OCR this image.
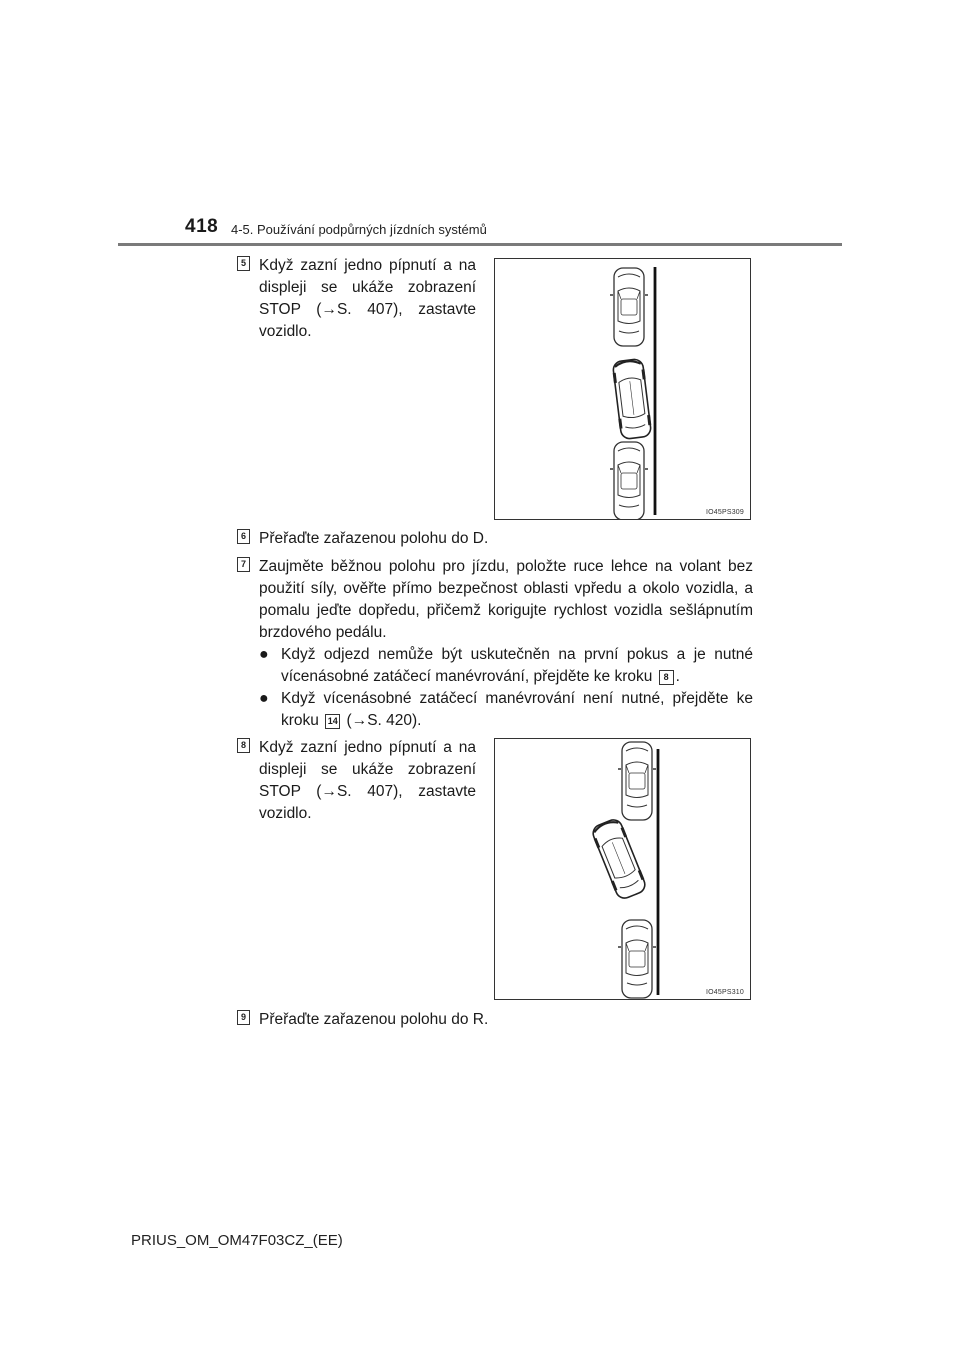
418 4-5. Používání podpůrných jízdních systémů
5 Když zazní jedno pípnutí a na displeji se ukáže zobrazení STOP (→S. 407), zastavte vozidlo.
IO45PS309
6 Přeřaďte zařazenou polohu do D.
7 Zaujměte běžnou polohu pro jízdu, položte ruce lehce na volant bez použití síly, ověřte přímo bezpečnost oblasti vpředu a okolo vozidla, a pomalu jeďte dopředu, přičemž korigujte rychlost vozidla sešlápnutím brzdového pedálu.
● Když odjezd nemůže být uskutečněn na první pokus a je nutné vícenásobné zatáčecí manévrování, přejděte ke kroku 8 .
● Když vícenásobné zatáčecí manévrování není nutné, přejděte ke kroku 14 (→S. 420).
8 Když zazní jedno pípnutí a na displeji se ukáže zobrazení STOP (→S. 407), zastavte vozidlo.
IO45PS310
9 Přeřaďte zařazenou polohu do R.
PRIUS_OM_OM47F03CZ_(EE)
